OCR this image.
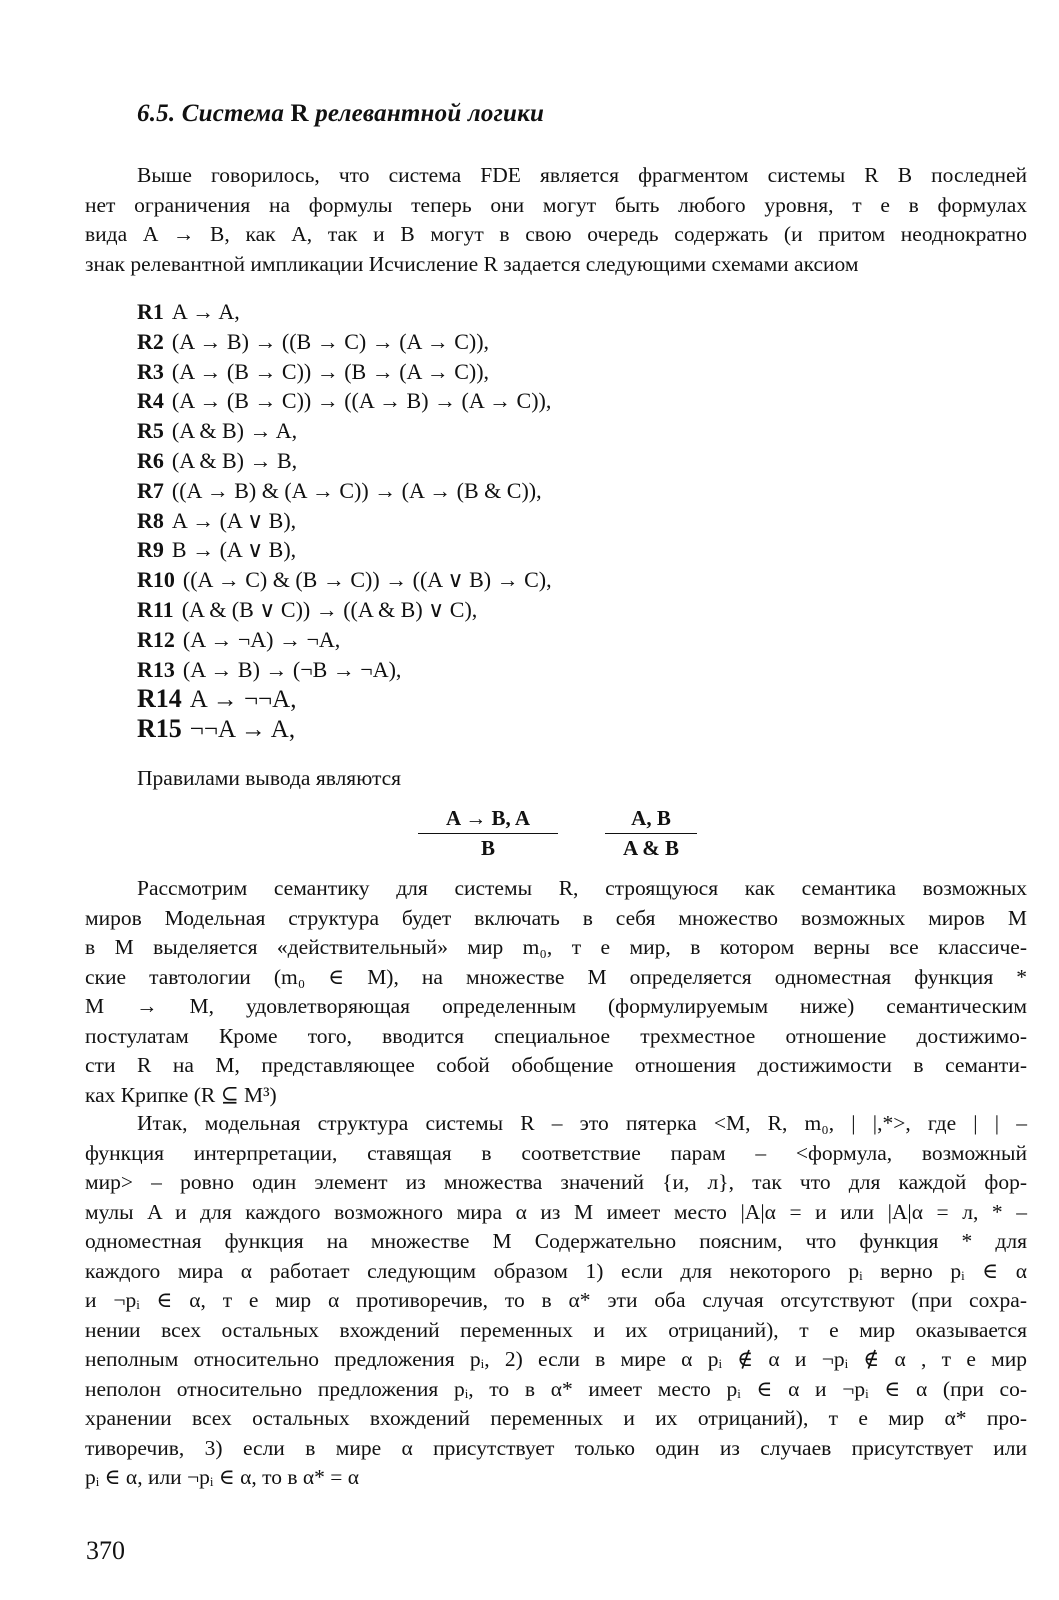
6.5. Система R релевантной логики
Выше говорилось, что система FDE является фрагментом системы R В последней
нет ограничения на формулы теперь они могут быть любого уровня, т е в формулах
вида A → B, как A, так и B могут в свою очередь содержать (и притом неоднократно
знак релевантной импликации Исчисление R задается следующими схемами аксиом
R1 A → A,
R2 (A → B) → ((B → C) → (A → C)),
R3 (A → (B → C)) → (B → (A → C)),
R4 (A → (B → C)) → ((A → B) → (A → C)),
R5 (A & B) → A,
R6 (A & B) → B,
R7 ((A → B) & (A → C)) → (A → (B & C)),
R8 A → (A ∨ B),
R9 B → (A ∨ B),
R10 ((A → C) & (B → C)) → ((A ∨ B) → C),
R11 (A & (B ∨ C)) → ((A & B) ∨ C),
R12 (A → ¬A) → ¬A,
R13 (A → B) → (¬B → ¬A),
R14 A → ¬¬A,
R15 ¬¬A → A,
Правилами вывода являются
$\frac{A \to B, A}{B} \frac{A, B}{A \& B}$
Рассмотрим семантику для системы R, строящуюся как семантика возможных
миров Модельная структура будет включать в себя множество возможных миров M
в M выделяется «действительный» мир m₀, т е мир, в котором верны все классиче-
ские тавтологии (m₀ ∈ M), на множестве M определяется одноместная функция *
M → M, удовлетворяющая определенным (формулируемым ниже) семантическим
постулатам Кроме того, вводится специальное трехместное отношение достижимо-
сти R на M, представляющее собой обобщение отношения достижимости в семанти-
ках Крипке (R ⊆ M³)
Итак, модельная структура системы R – это пятерка <M, R, m₀, | |,*>, где | | –
функция интерпретации, ставящая в соответствие парам – <формула, возможный
мир> – ровно один элемент из множества значений {и, л}, так что для каждой фор-
мулы A и для каждого возможного мира α из M имеет место |A|α = и или |A|α = л, * –
одноместная функция на множестве M Содержательно поясним, что функция * для
каждого мира α работает следующим образом 1) если для некоторого pᵢ верно pᵢ ∈ α
и ¬pᵢ ∈ α, т е мир α противоречив, то в α* эти оба случая отсутствуют (при сохра-
нении всех остальных вхождений переменных и их отрицаний), т е мир оказывается
неполным относительно предложения pᵢ, 2) если в мире α pᵢ ∉ α и ¬pᵢ ∉ α , т е мир
неполон относительно предложения pᵢ, то в α* имеет место pᵢ ∈ α и ¬pᵢ ∈ α (при со-
хранении всех остальных вхождений переменных и их отрицаний), т е мир α* про-
тиворечив, 3) если в мире α присутствует только один из случаев присутствует или
pᵢ ∈ α, или ¬pᵢ ∈ α, то в α* = α
370
